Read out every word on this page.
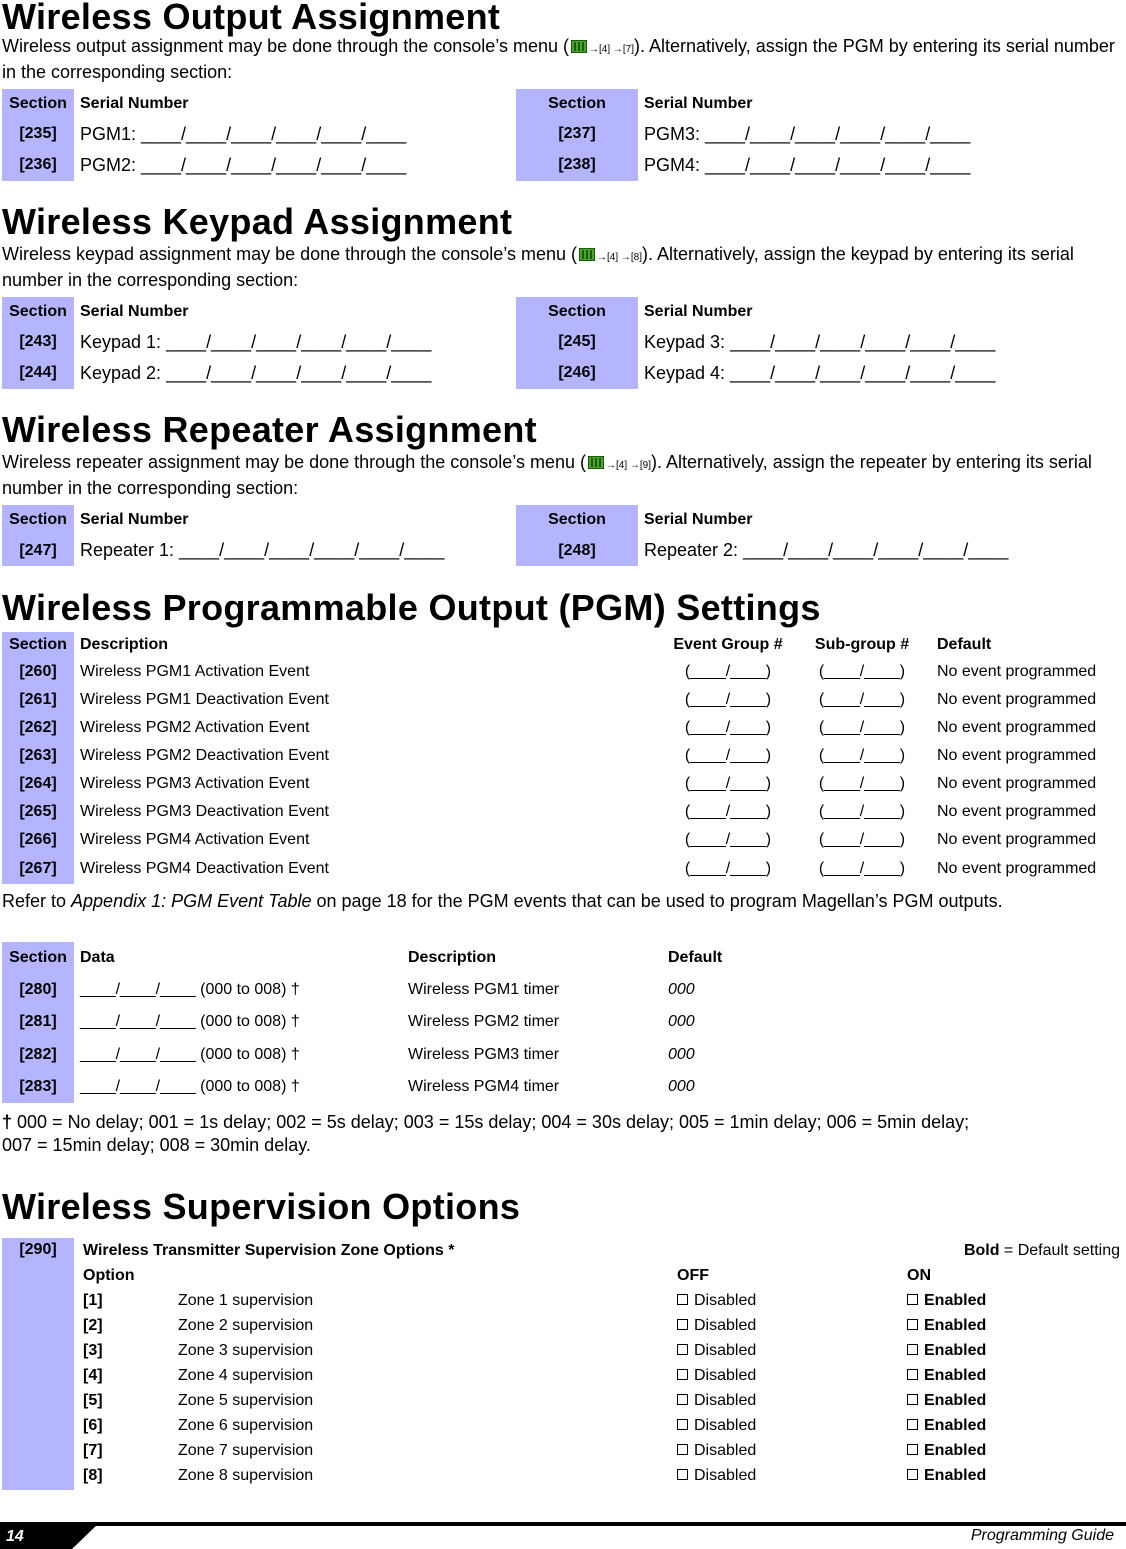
Wireless Output Assignment
Wireless output assignment may be done through the console’s menu ( →[4] →[7]). Alternatively, assign the PGM by entering its serial number in the corresponding section:
Section	Serial Number	Section	Serial Number
[235]	PGM1: ____/____/____/____/____/____	[237]	PGM3: ____/____/____/____/____/____
[236]	PGM2: ____/____/____/____/____/____	[238]	PGM4: ____/____/____/____/____/____
Wireless Keypad Assignment
Wireless keypad assignment may be done through the console’s menu ( →[4] →[8]). Alternatively, assign the keypad by entering its serial number in the corresponding section:
Section	Serial Number	Section	Serial Number
[243]	Keypad 1: ____/____/____/____/____/____	[245]	Keypad 3: ____/____/____/____/____/____
[244]	Keypad 2: ____/____/____/____/____/____	[246]	Keypad 4: ____/____/____/____/____/____
Wireless Repeater Assignment
Wireless repeater assignment may be done through the console’s menu ( →[4] →[9]). Alternatively, assign the repeater by entering its serial number in the corresponding section:
Section	Serial Number	Section	Serial Number
[247]	Repeater 1: ____/____/____/____/____/____	[248]	Repeater 2: ____/____/____/____/____/____
Wireless Programmable Output (PGM) Settings
Section	Description	Event Group #	Sub-group #	Default
[260]	Wireless PGM1 Activation Event	(____/____)	(____/____)	No event programmed
[261]	Wireless PGM1 Deactivation Event	(____/____)	(____/____)	No event programmed
[262]	Wireless PGM2 Activation Event	(____/____)	(____/____)	No event programmed
[263]	Wireless PGM2 Deactivation Event	(____/____)	(____/____)	No event programmed
[264]	Wireless PGM3 Activation Event	(____/____)	(____/____)	No event programmed
[265]	Wireless PGM3 Deactivation Event	(____/____)	(____/____)	No event programmed
[266]	Wireless PGM4 Activation Event	(____/____)	(____/____)	No event programmed
[267]	Wireless PGM4 Deactivation Event	(____/____)	(____/____)	No event programmed
Refer to Appendix 1: PGM Event Table on page 18 for the PGM events that can be used to program Magellan’s PGM outputs.
Section	Data	Description	Default
[280]	____/____/____ (000 to 008) †	Wireless PGM1 timer	000
[281]	____/____/____ (000 to 008) †	Wireless PGM2 timer	000
[282]	____/____/____ (000 to 008) †	Wireless PGM3 timer	000
[283]	____/____/____ (000 to 008) †	Wireless PGM4 timer	000
† 000 = No delay; 001 = 1s delay; 002 = 5s delay; 003 = 15s delay; 004 = 30s delay; 005 = 1min delay; 006 = 5min delay;
007 = 15min delay; 008 = 30min delay.
Wireless Supervision Options
[290]	Wireless Transmitter Supervision Zone Options *	Bold = Default setting
Option	OFF	ON
[1]	Zone 1 supervision	Disabled	Enabled
[2]	Zone 2 supervision	Disabled	Enabled
[3]	Zone 3 supervision	Disabled	Enabled
[4]	Zone 4 supervision	Disabled	Enabled
[5]	Zone 5 supervision	Disabled	Enabled
[6]	Zone 6 supervision	Disabled	Enabled
[7]	Zone 7 supervision	Disabled	Enabled
[8]	Zone 8 supervision	Disabled	Enabled
14	Programming Guide
